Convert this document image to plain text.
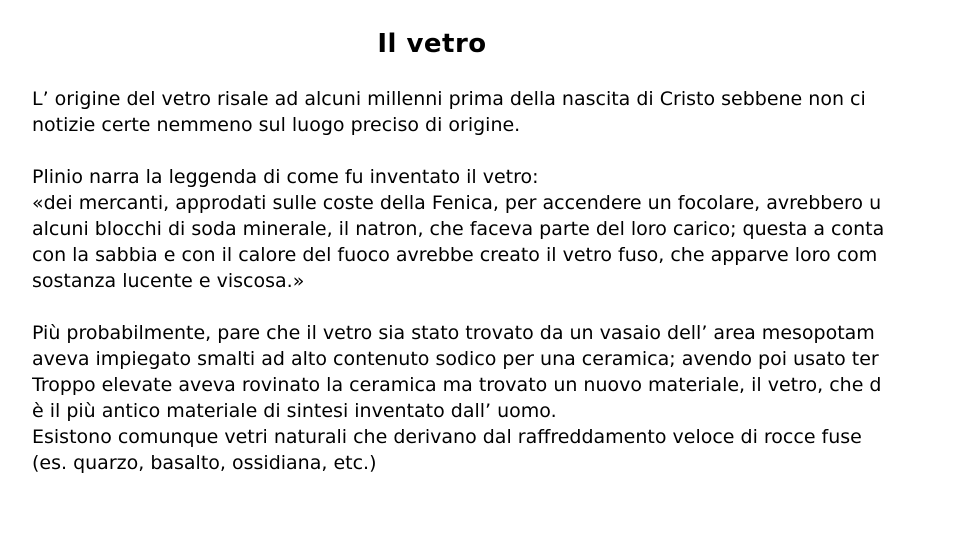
Il vetro

L’ origine del vetro risale ad alcuni millenni prima della nascita di Cristo sebbene non ci
notizie certe nemmeno sul luogo preciso di origine.

Plinio narra la leggenda di come fu inventato il vetro:
«dei mercanti, approdati sulle coste della Fenica, per accendere un focolare, avrebbero u
alcuni blocchi di soda minerale, il natron, che faceva parte del loro carico; questa a conta
con la sabbia e con il calore del fuoco avrebbe creato il vetro fuso, che apparve loro com
sostanza lucente e viscosa.»

Più probabilmente, pare che il vetro sia stato trovato da un vasaio dell’ area mesopotam
aveva impiegato smalti ad alto contenuto sodico per una ceramica; avendo poi usato ter
Troppo elevate aveva rovinato la ceramica ma trovato un nuovo materiale, il vetro, che d
è il più antico materiale di sintesi inventato dall’ uomo.
Esistono comunque vetri naturali che derivano dal raffreddamento veloce di rocce fuse
(es. quarzo, basalto, ossidiana, etc.)
